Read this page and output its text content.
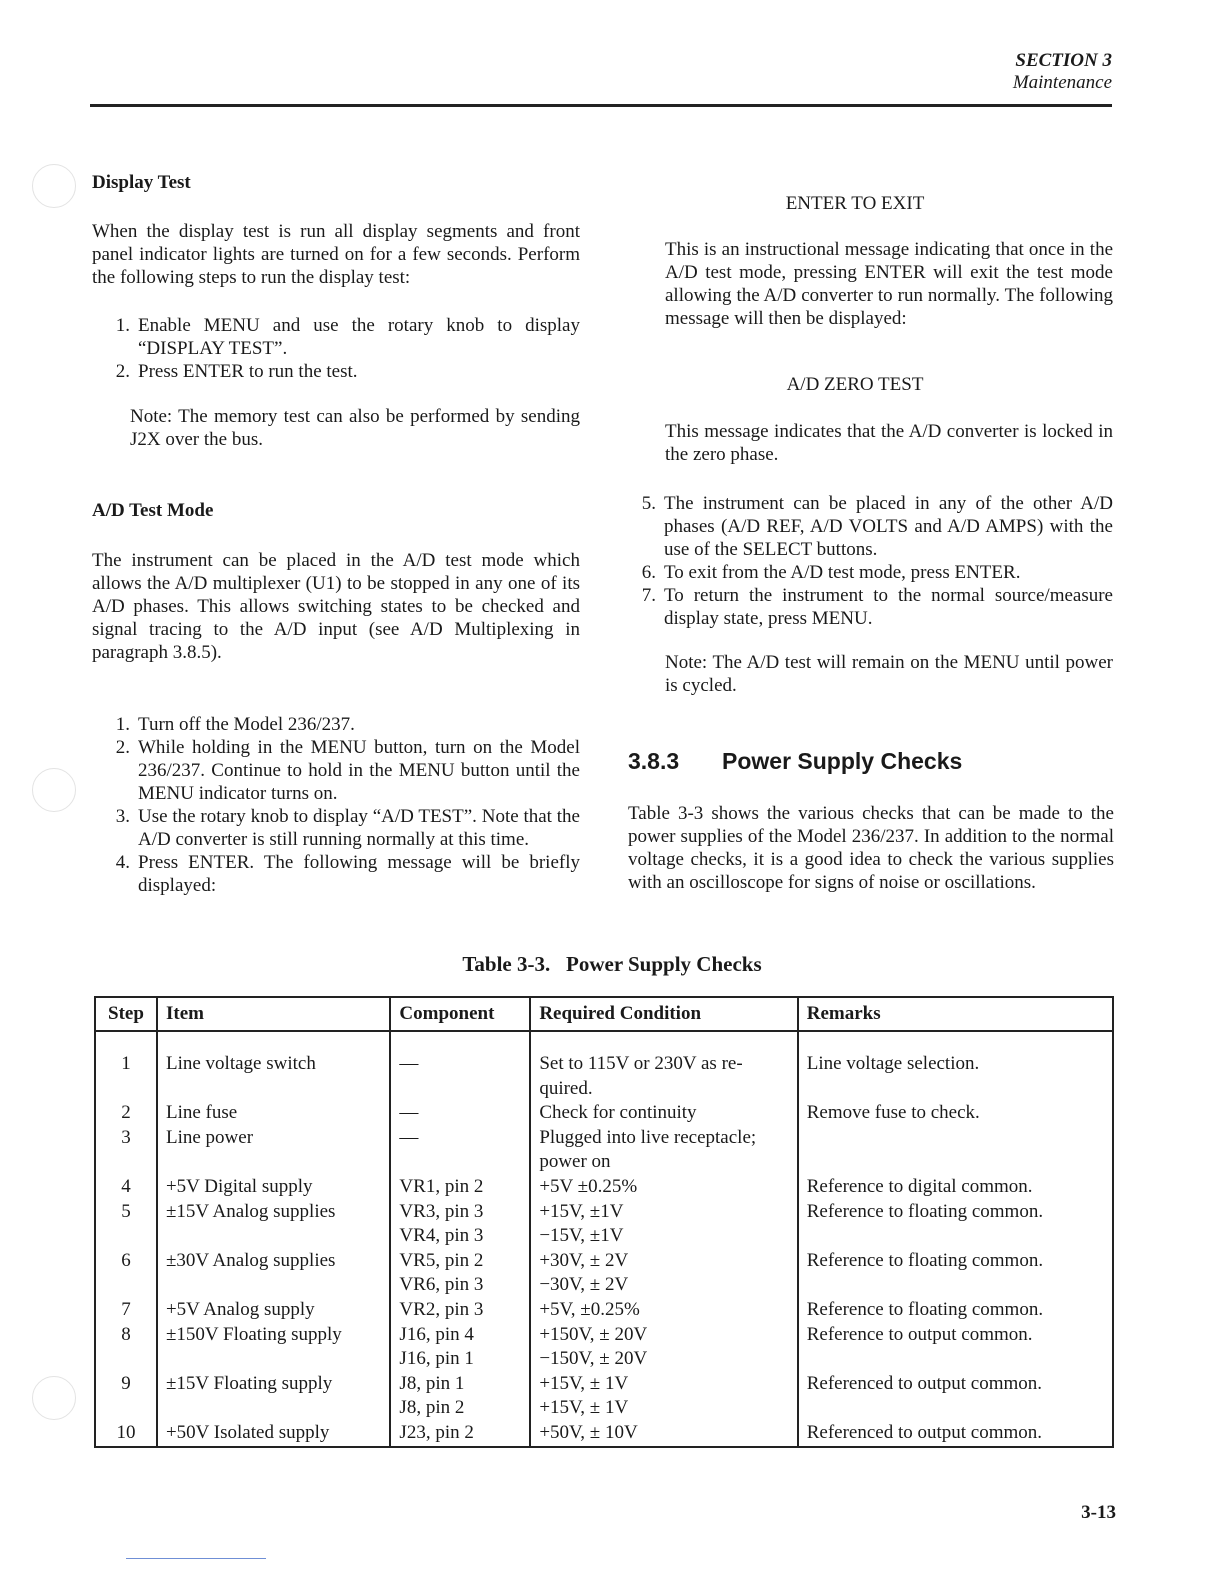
SECTION 3
Maintenance

Display Test

When the display test is run all display segments and front panel indicator lights are turned on for a few seconds. Perform the following steps to run the display test:

1. Enable MENU and use the rotary knob to display “DISPLAY TEST”.
2. Press ENTER to run the test.

Note: The memory test can also be performed by sending J2X over the bus.

A/D Test Mode

The instrument can be placed in the A/D test mode which allows the A/D multiplexer (U1) to be stopped in any one of its A/D phases. This allows switching states to be checked and signal tracing to the A/D input (see A/D Multiplexing in paragraph 3.8.5).

1. Turn off the Model 236/237.
2. While holding in the MENU button, turn on the Model 236/237. Continue to hold in the MENU button until the MENU indicator turns on.
3. Use the rotary knob to display “A/D TEST”. Note that the A/D converter is still running normally at this time.
4. Press ENTER. The following message will be briefly displayed:
ENTER TO EXIT

This is an instructional message indicating that once in the A/D test mode, pressing ENTER will exit the test mode allowing the A/D converter to run normally. The following message will then be displayed:

A/D ZERO TEST

This message indicates that the A/D converter is locked in the zero phase.

5. The instrument can be placed in any of the other A/D phases (A/D REF, A/D VOLTS and A/D AMPS) with the use of the SELECT buttons.
6. To exit from the A/D test mode, press ENTER.
7. To return the instrument to the normal source/measure display state, press MENU.

Note: The A/D test will remain on the MENU until power is cycled.

3.8.3 Power Supply Checks

Table 3-3 shows the various checks that can be made to the power supplies of the Model 236/237. In addition to the normal voltage checks, it is a good idea to check the various supplies with an oscilloscope for signs of noise or oscillations.

Table 3-3.   Power Supply Checks
Step	Item	Component	Required Condition	Remarks
1	Line voltage switch	—	Set to 115V or 230V as re-	Line voltage selection.
			quired.	
2	Line fuse	—	Check for continuity	Remove fuse to check.
3	Line power	—	Plugged into live receptacle;	
			power on	
4	+5V Digital supply	VR1, pin 2	+5V ±0.25%	Reference to digital common.
5	±15V Analog supplies	VR3, pin 3	+15V, ±1V	Reference to floating common.
		VR4, pin 3	−15V, ±1V	
6	±30V Analog supplies	VR5, pin 2	+30V, ± 2V	Reference to floating common.
		VR6, pin 3	−30V, ± 2V	
7	+5V Analog supply	VR2, pin 3	+5V, ±0.25%	Reference to floating common.
8	±150V Floating supply	J16, pin 4	+150V, ± 20V	Reference to output common.
		J16, pin 1	−150V, ± 20V	
9	±15V Floating supply	J8, pin 1	+15V, ± 1V	Referenced to output common.
		J8, pin 2	+15V, ± 1V	
10	+50V Isolated supply	J23, pin 2	+50V, ± 10V	Referenced to output common.
3-13
